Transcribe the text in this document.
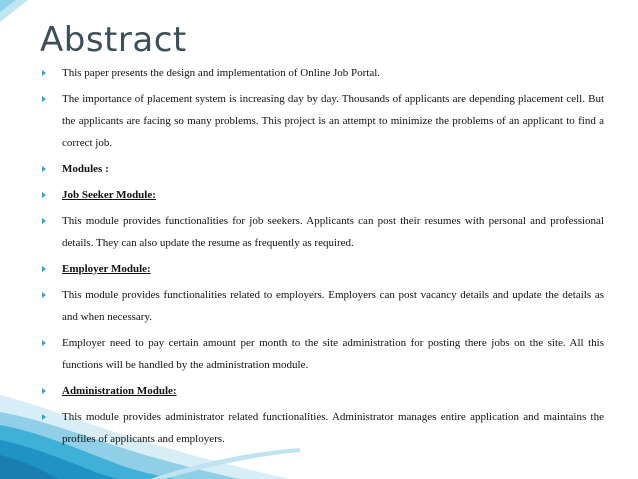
Abstract
This paper presents the design and implementation of Online Job Portal.
The importance of placement system is increasing day by day. Thousands of applicants are depending placement cell. But the applicants are facing so many problems. This project is an attempt to minimize the problems of an applicant to find a correct job.
Modules :
Job Seeker Module:
This module provides functionalities for job seekers. Applicants can post their resumes with personal and professional details. They can also update the resume as frequently as required.
Employer Module:
This module provides functionalities related to employers. Employers can post vacancy details and update the details as and when necessary.
Employer need to pay certain amount per month to the site administration for posting there jobs on the site. All this functions will be handled by the administration module.
Administration Module:
This module provides administrator related functionalities. Administrator manages entire application and maintains the profiles of applicants and employers.
